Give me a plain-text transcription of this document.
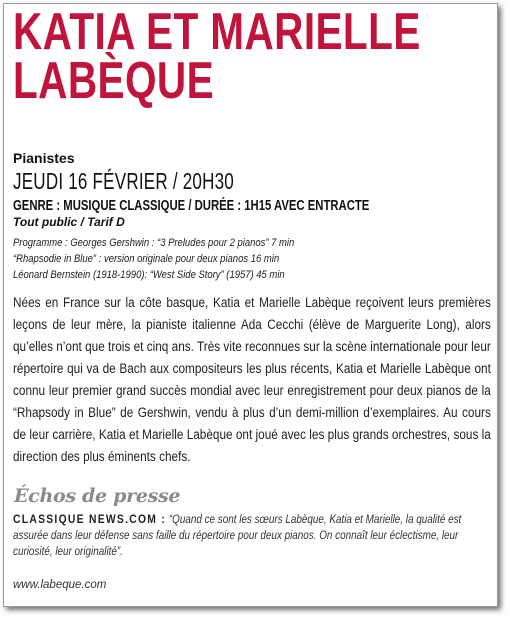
KATIA ET MARIELLE
LABÈQUE
Pianistes
JEUDI 16 FÉVRIER / 20H30
GENRE : MUSIQUE CLASSIQUE / DURÉE : 1H15 AVEC ENTRACTE
Tout public / Tarif D
Programme : Georges Gershwin : “3 Preludes pour 2 pianos” 7 min
“Rhapsodie in Blue” : version originale pour deux pianos 16 min
Léonard Bernstein (1918-1990): “West Side Story” (1957) 45 min
Nées en France sur la côte basque, Katia et Marielle Labèque reçoivent leurs premières leçons de leur mère, la pianiste italienne Ada Cecchi (élève de Marguerite Long), alors qu’elles n’ont que trois et cinq ans. Très vite reconnues sur la scène internationale pour leur répertoire qui va de Bach aux compositeurs les plus récents, Katia et Marielle Labèque ont connu leur premier grand succès mondial avec leur enregistrement pour deux pianos de la “Rhapsody in Blue” de Gershwin, vendu à plus d’un demi-million d’exemplaires. Au cours de leur carrière, Katia et Marielle Labèque ont joué avec les plus grands orchestres, sous la direction des plus éminents chefs.
Échos de presse
CLASSIQUE NEWS.COM : “Quand ce sont les sœurs Labèque, Katia et Marielle, la qualité est assurée dans leur défense sans faille du répertoire pour deux pianos. On connaît leur éclectisme, leur curiosité, leur originalité”.
www.labeque.com
